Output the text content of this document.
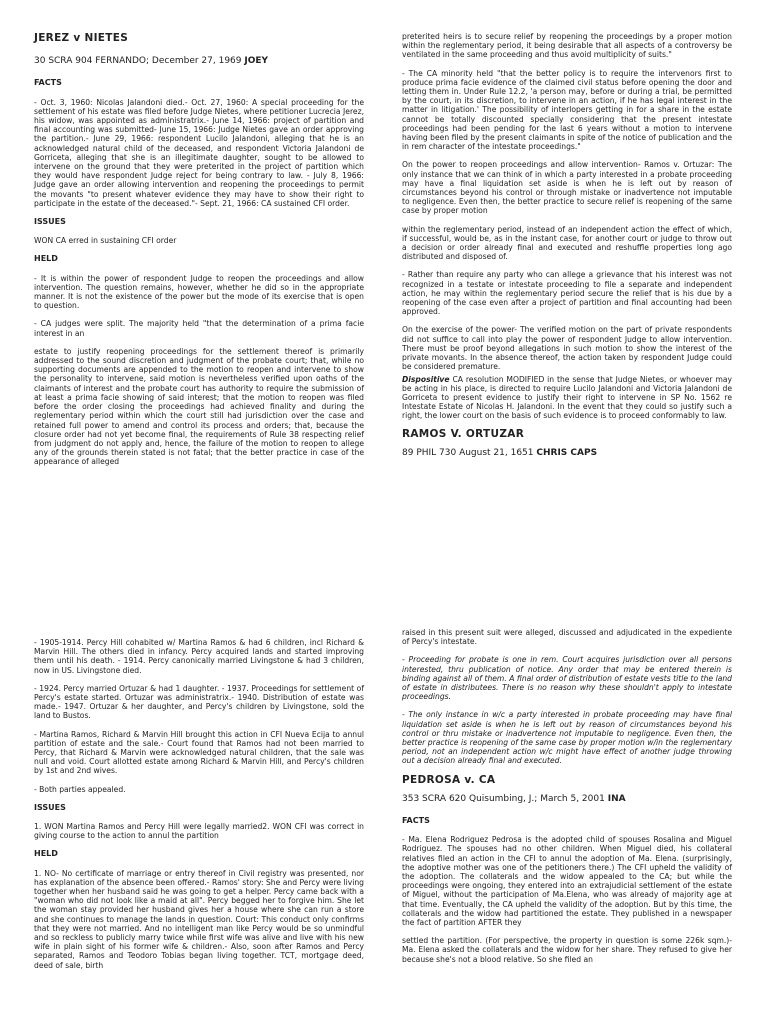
JEREZ v NIETES
30 SCRA 904 FERNANDO; December 27, 1969 JOEY
FACTS

- Oct. 3, 1960: Nicolas Jalandoni died.- Oct. 27, 1960: A special proceeding for the settlement of his estate was filed before Judge Nietes, where petitioner Lucrecia Jerez, his widow, was appointed as administratrix.- June 14, 1966: project of partition and final accounting was submitted- June 15, 1966: Judge Nietes gave an order approving the partition.- June 29, 1966: respondent Lucilo Jalandoni, alleging that he is an acknowledged natural child of the deceased, and respondent Victoria Jalandoni de Gorriceta, alleging that she is an illegitimate daughter, sought to be allowed to intervene on the ground that they were preterited in the project of partition which they would have respondent Judge reject for being contrary to law. - July 8, 1966: Judge gave an order allowing intervention and reopening the proceedings to permit the movants "to present whatever evidence they may have to show their right to participate in the estate of the deceased."- Sept. 21, 1966: CA sustained CFI order.

ISSUES

WON CA erred in sustaining CFI order

HELD

- It is within the power of respondent Judge to reopen the proceedings and allow intervention. The question remains, however, whether he did so in the appropriate manner. It is not the existence of the power but the mode of its exercise that is open to question.

- CA judges were split. The majority held "that the determination of a prima facie interest in an

estate to justify reopening proceedings for the settlement thereof is primarily addressed to the sound discretion and judgment of the probate court; that, while no supporting documents are appended to the motion to reopen and intervene to show the personality to intervene, said motion is nevertheless verified upon oaths of the claimants of interest and the probate court has authority to require the submission of at least a prima facie showing of said interest; that the motion to reopen was filed before the order closing the proceedings had achieved finality and during the reglementary period within which the court still had jurisdiction over the case and retained full power to amend and control its process and orders; that, because the closure order had not yet become final, the requirements of Rule 38 respecting relief from judgment do not apply and, hence, the failure of the motion to reopen to allege any of the grounds therein stated is not fatal; that the better practice in case of the appearance of alleged

preterited heirs is to secure relief by reopening the proceedings by a proper motion within the reglementary period, it being desirable that all aspects of a controversy be ventilated in the same proceeding and thus avoid multiplicity of suits."

- The CA minority held "that the better policy is to require the intervenors first to produce prima facie evidence of the claimed civil status before opening the door and letting them in. Under Rule 12.2, 'a person may, before or during a trial, be permitted by the court, in its discretion, to intervene in an action, if he has legal interest in the matter in litigation.' The possibility of interlopers getting in for a share in the estate cannot be totally discounted specially considering that the present intestate proceedings had been pending for the last 6 years without a motion to intervene having been filed by the present claimants in spite of the notice of publication and the in rem character of the intestate proceedings."

On the power to reopen proceedings and allow intervention- Ramos v. Ortuzar: The only instance that we can think of in which a party interested in a probate proceeding may have a final liquidation set aside is when he is left out by reason of circumstances beyond his control or through mistake or inadvertence not imputable to negligence. Even then, the better practice to secure relief is reopening of the same case by proper motion

within the reglementary period, instead of an independent action the effect of which, if successful, would be, as in the instant case, for another court or judge to throw out a decision or order already final and executed and reshuffle properties long ago distributed and disposed of.

- Rather than require any party who can allege a grievance that his interest was not recognized in a testate or intestate proceeding to file a separate and independent action, he may within the reglementary period secure the relief that is his due by a reopening of the case even after a project of partition and final accounting had been approved.

On the exercise of the power- The verified motion on the part of private respondents did not suffice to call into play the power of respondent Judge to allow intervention. There must be proof beyond allegations in such motion to show the interest of the private movants. In the absence thereof, the action taken by respondent Judge could be considered premature.

Dispositive CA resolution MODIFIED in the sense that Judge Nietes, or whoever may be acting in his place, is directed to require Lucilo Jalandoni and Victoria Jalandoni de Gorriceta to present evidence to justify their right to intervene in SP No. 1562 re Intestate Estate of Nicolas H. Jalandoni. In the event that they could so justify such a right, the lower court on the basis of such evidence is to proceed conformably to law.

RAMOS V. ORTUZAR
89 PHIL 730 August 21, 1651 CHRIS CAPS

- 1905-1914. Percy Hill cohabited w/ Martina Ramos & had 6 children, incl Richard & Marvin Hill. The others died in infancy. Percy acquired lands and started improving them until his death. - 1914. Percy canonically married Livingstone & had 3 children, now in US. Livingstone died.

- 1924. Percy married Ortuzar & had 1 daughter. - 1937. Proceedings for settlement of Percy's estate started. Ortuzar was administratrix.- 1940. Distribution of estate was made.- 1947. Ortuzar & her daughter, and Percy's children by Livingstone, sold the land to Bustos.

- Martina Ramos, Richard & Marvin Hill brought this action in CFI Nueva Ecija to annul partition of estate and the sale.- Court found that Ramos had not been married to Percy, that Richard & Marvin were acknowledged natural children, that the sale was null and void. Court allotted estate among Richard & Marvin Hill, and Percy's children by 1st and 2nd wives.

- Both parties appealed.

ISSUES

1. WON Martina Ramos and Percy Hill were legally married2. WON CFI was correct in giving course to the action to annul the partition

HELD

1. NO- No certificate of marriage or entry thereof in Civil registry was presented, nor has explanation of the absence been offered.- Ramos' story: She and Percy were living together when her husband said he was going to get a helper. Percy came back with a "woman who did not look like a maid at all". Percy begged her to forgive him. She let the woman stay provided her husband gives her a house where she can run a store and she continues to manage the lands in question. Court: This conduct only confirms that they were not married. And no intelligent man like Percy would be so unmindful and so reckless to publicly marry twice while first wife was alive and live with his new wife in plain sight of his former wife & children.- Also, soon after Ramos and Percy separated, Ramos and Teodoro Tobias began living together. TCT, mortgage deed, deed of sale, birth

raised in this present suit were alleged, discussed and adjudicated in the expediente of Percy's intestate.

- Proceeding for probate is one in rem. Court acquires jurisdiction over all persons interested, thru publication of notice. Any order that may be entered therein is binding against all of them. A final order of distribution of estate vests title to the land of estate in distributees. There is no reason why these shouldn't apply to intestate proceedings.

- The only instance in w/c a party interested in probate proceeding may have final liquidation set aside is when he is left out by reason of circumstances beyond his control or thru mistake or inadvertence not imputable to negligence. Even then, the better practice is reopening of the same case by proper motion w/in the reglementary period, not an independent action w/c might have effect of another judge throwing out a decision already final and executed.

PEDROSA v. CA
353 SCRA 620 Quisumbing, J.; March 5, 2001 INA
FACTS

- Ma. Elena Rodriguez Pedrosa is the adopted child of spouses Rosalina and Miguel Rodriguez. The spouses had no other children. When Miguel died, his collateral relatives filed an action in the CFI to annul the adoption of Ma. Elena. (surprisingly, the adoptive mother was one of the petitioners there.) The CFI upheld the validity of the adoption. The collaterals and the widow appealed to the CA; but while the proceedings were ongoing, they entered into an extrajudicial settlement of the estate of Miguel, without the participation of Ma.Elena, who was already of majority age at that time. Eventually, the CA upheld the validity of the adoption. But by this time, the collaterals and the widow had partitioned the estate. They published in a newspaper the fact of partition AFTER they

settled the partition. (For perspective, the property in question is some 226k sqm.)-Ma. Elena asked the collaterals and the widow for her share. They refused to give her because she's not a blood relative. So she filed an
